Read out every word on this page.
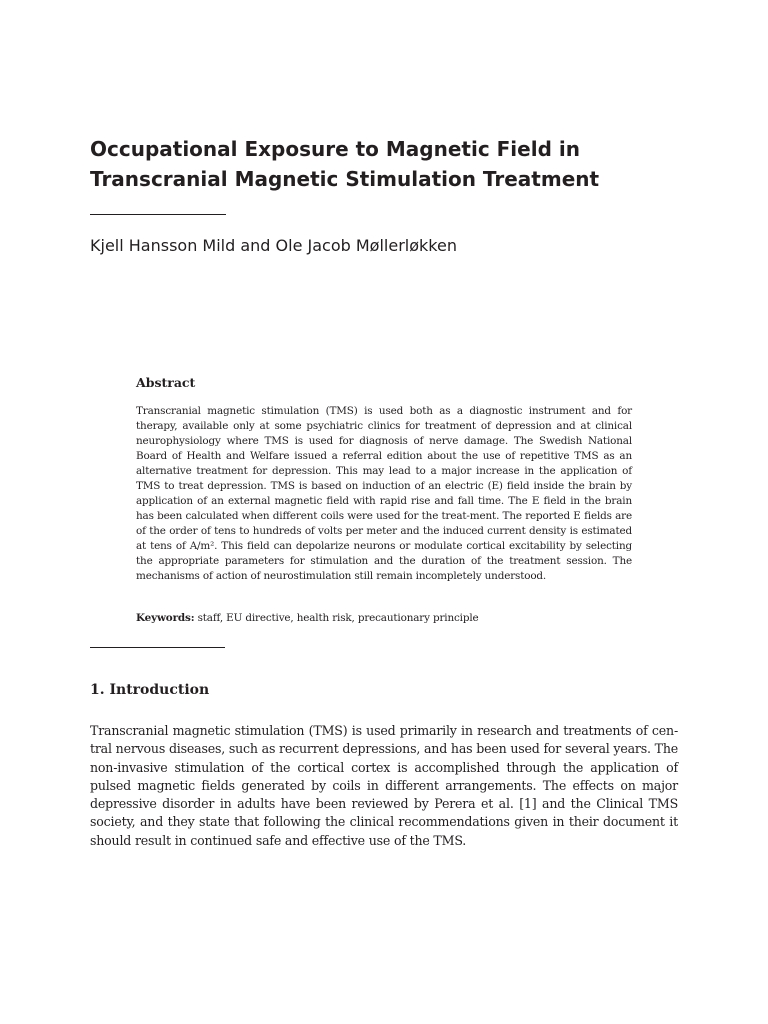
Occupational Exposure to Magnetic Field in
Transcranial Magnetic Stimulation Treatment
Kjell Hansson Mild and Ole Jacob Møllerløkken
Abstract

Transcranial magnetic stimulation (TMS) is used both as a diagnostic instrument and for therapy, available only at some psychiatric clinics for treatment of depression and at clinical neurophysiology where TMS is used for diagnosis of nerve damage. The Swedish National Board of Health and Welfare issued a referral edition about the use of repetitive TMS as an alternative treatment for depression. This may lead to a major increase in the application of TMS to treat depression. TMS is based on induction of an electric (E) field inside the brain by application of an external magnetic field with rapid rise and fall time. The E field in the brain has been calculated when different coils were used for the treat-ment. The reported E fields are of the order of tens to hundreds of volts per meter and the induced current density is estimated at tens of A/m². This field can depolarize neurons or modulate cortical excitability by selecting the appropriate parameters for stimulation and the duration of the treatment session. The mechanisms of action of neurostimulation still remain incompletely understood.

Keywords: staff, EU directive, health risk, precautionary principle
1. Introduction

Transcranial magnetic stimulation (TMS) is used primarily in research and treatments of cen-tral nervous diseases, such as recurrent depressions, and has been used for several years. The non-invasive stimulation of the cortical cortex is accomplished through the application of pulsed magnetic fields generated by coils in different arrangements. The effects on major depressive disorder in adults have been reviewed by Perera et al. [1] and the Clinical TMS society, and they state that following the clinical recommendations given in their document it should result in continued safe and effective use of the TMS.
